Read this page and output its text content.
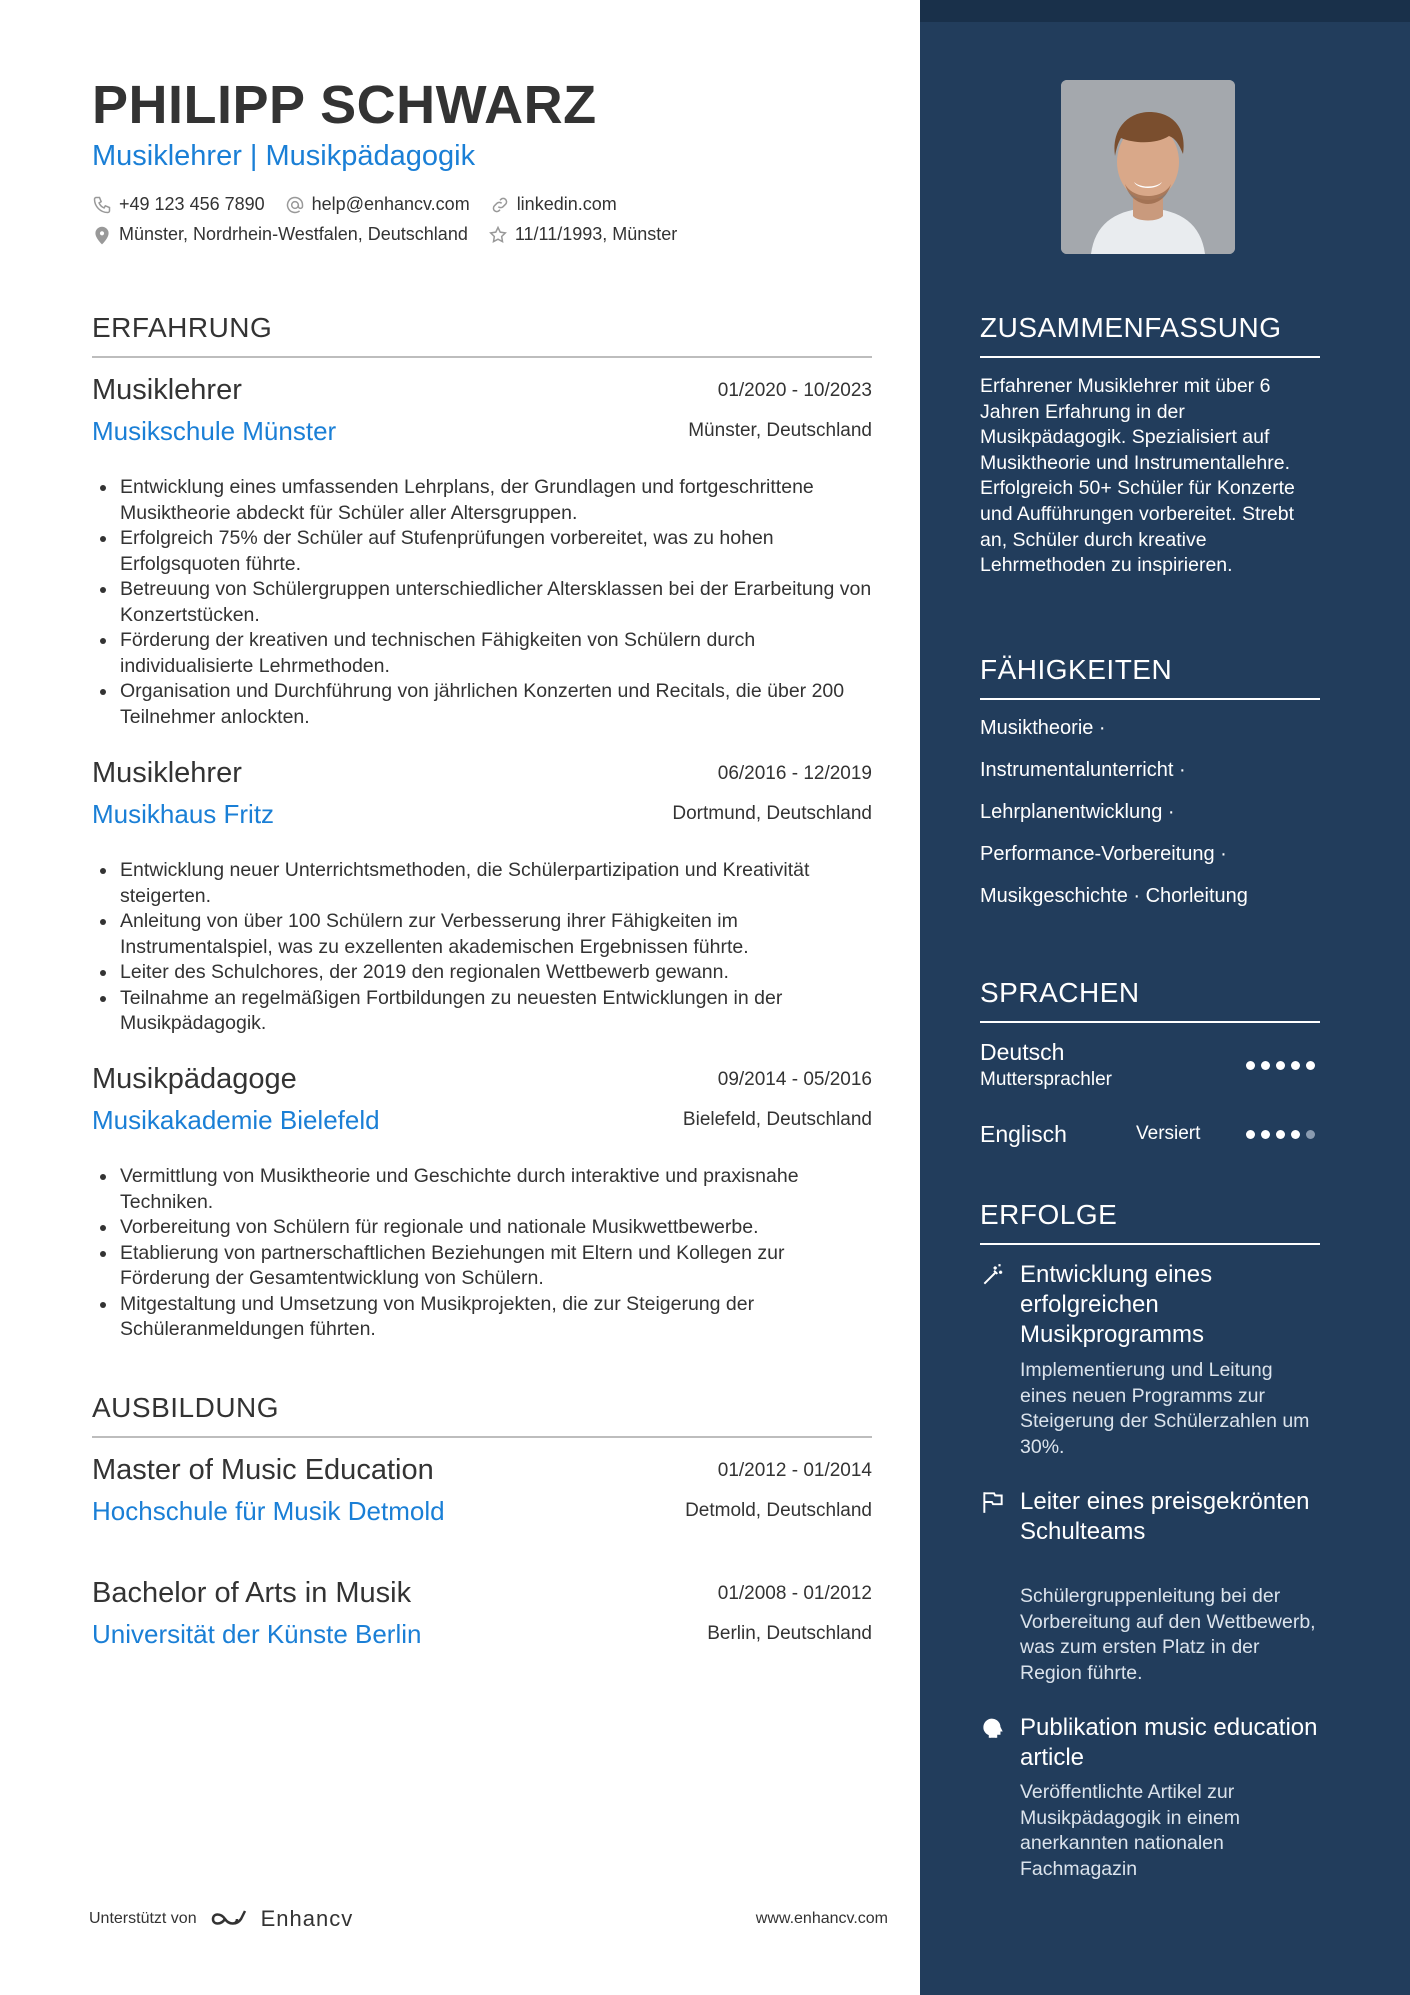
PHILIPP SCHWARZ
Musiklehrer | Musikpädagogik
+49 123 456 7890	help@enhancv.com	linkedin.com
Münster, Nordrhein-Westfalen, Deutschland	11/11/1993, Münster
ERFAHRUNG
Musiklehrer	01/2020 - 10/2023
Musikschule Münster	Münster, Deutschland
Entwicklung eines umfassenden Lehrplans, der Grundlagen und fortgeschrittene Musiktheorie abdeckt für Schüler aller Altersgruppen.
Erfolgreich 75% der Schüler auf Stufenprüfungen vorbereitet, was zu hohen Erfolgsquoten führte.
Betreuung von Schülergruppen unterschiedlicher Altersklassen bei der Erarbeitung von Konzertstücken.
Förderung der kreativen und technischen Fähigkeiten von Schülern durch individualisierte Lehrmethoden.
Organisation und Durchführung von jährlichen Konzerten und Recitals, die über 200 Teilnehmer anlockten.
Musiklehrer	06/2016 - 12/2019
Musikhaus Fritz	Dortmund, Deutschland
Entwicklung neuer Unterrichtsmethoden, die Schülerpartizipation und Kreativität steigerten.
Anleitung von über 100 Schülern zur Verbesserung ihrer Fähigkeiten im Instrumentalspiel, was zu exzellenten akademischen Ergebnissen führte.
Leiter des Schulchores, der 2019 den regionalen Wettbewerb gewann.
Teilnahme an regelmäßigen Fortbildungen zu neuesten Entwicklungen in der Musikpädagogik.
Musikpädagoge	09/2014 - 05/2016
Musikakademie Bielefeld	Bielefeld, Deutschland
Vermittlung von Musiktheorie und Geschichte durch interaktive und praxisnahe Techniken.
Vorbereitung von Schülern für regionale und nationale Musikwettbewerbe.
Etablierung von partnerschaftlichen Beziehungen mit Eltern und Kollegen zur Förderung der Gesamtentwicklung von Schülern.
Mitgestaltung und Umsetzung von Musikprojekten, die zur Steigerung der Schüleranmeldungen führten.
AUSBILDUNG
Master of Music Education	01/2012 - 01/2014
Hochschule für Musik Detmold	Detmold, Deutschland
Bachelor of Arts in Musik	01/2008 - 01/2012
Universität der Künste Berlin	Berlin, Deutschland
Unterstützt von	Enhancv	www.enhancv.com
ZUSAMMENFASSUNG
Erfahrener Musiklehrer mit über 6 Jahren Erfahrung in der Musikpädagogik. Spezialisiert auf Musiktheorie und Instrumentallehre. Erfolgreich 50+ Schüler für Konzerte und Aufführungen vorbereitet. Strebt an, Schüler durch kreative Lehrmethoden zu inspirieren.
FÄHIGKEITEN
Musiktheorie ·
Instrumentalunterricht ·
Lehrplanentwicklung ·
Performance-Vorbereitung ·
Musikgeschichte · Chorleitung
SPRACHEN
Deutsch
Muttersprachler
Englisch	Versiert
ERFOLGE
Entwicklung eines erfolgreichen Musikprogramms
Implementierung und Leitung eines neuen Programms zur Steigerung der Schülerzahlen um 30%.
Leiter eines preisgekrönten Schulteams
Schülergruppenleitung bei der Vorbereitung auf den Wettbewerb, was zum ersten Platz in der Region führte.
Publikation music education article
Veröffentlichte Artikel zur Musikpädagogik in einem anerkannten nationalen Fachmagazin
